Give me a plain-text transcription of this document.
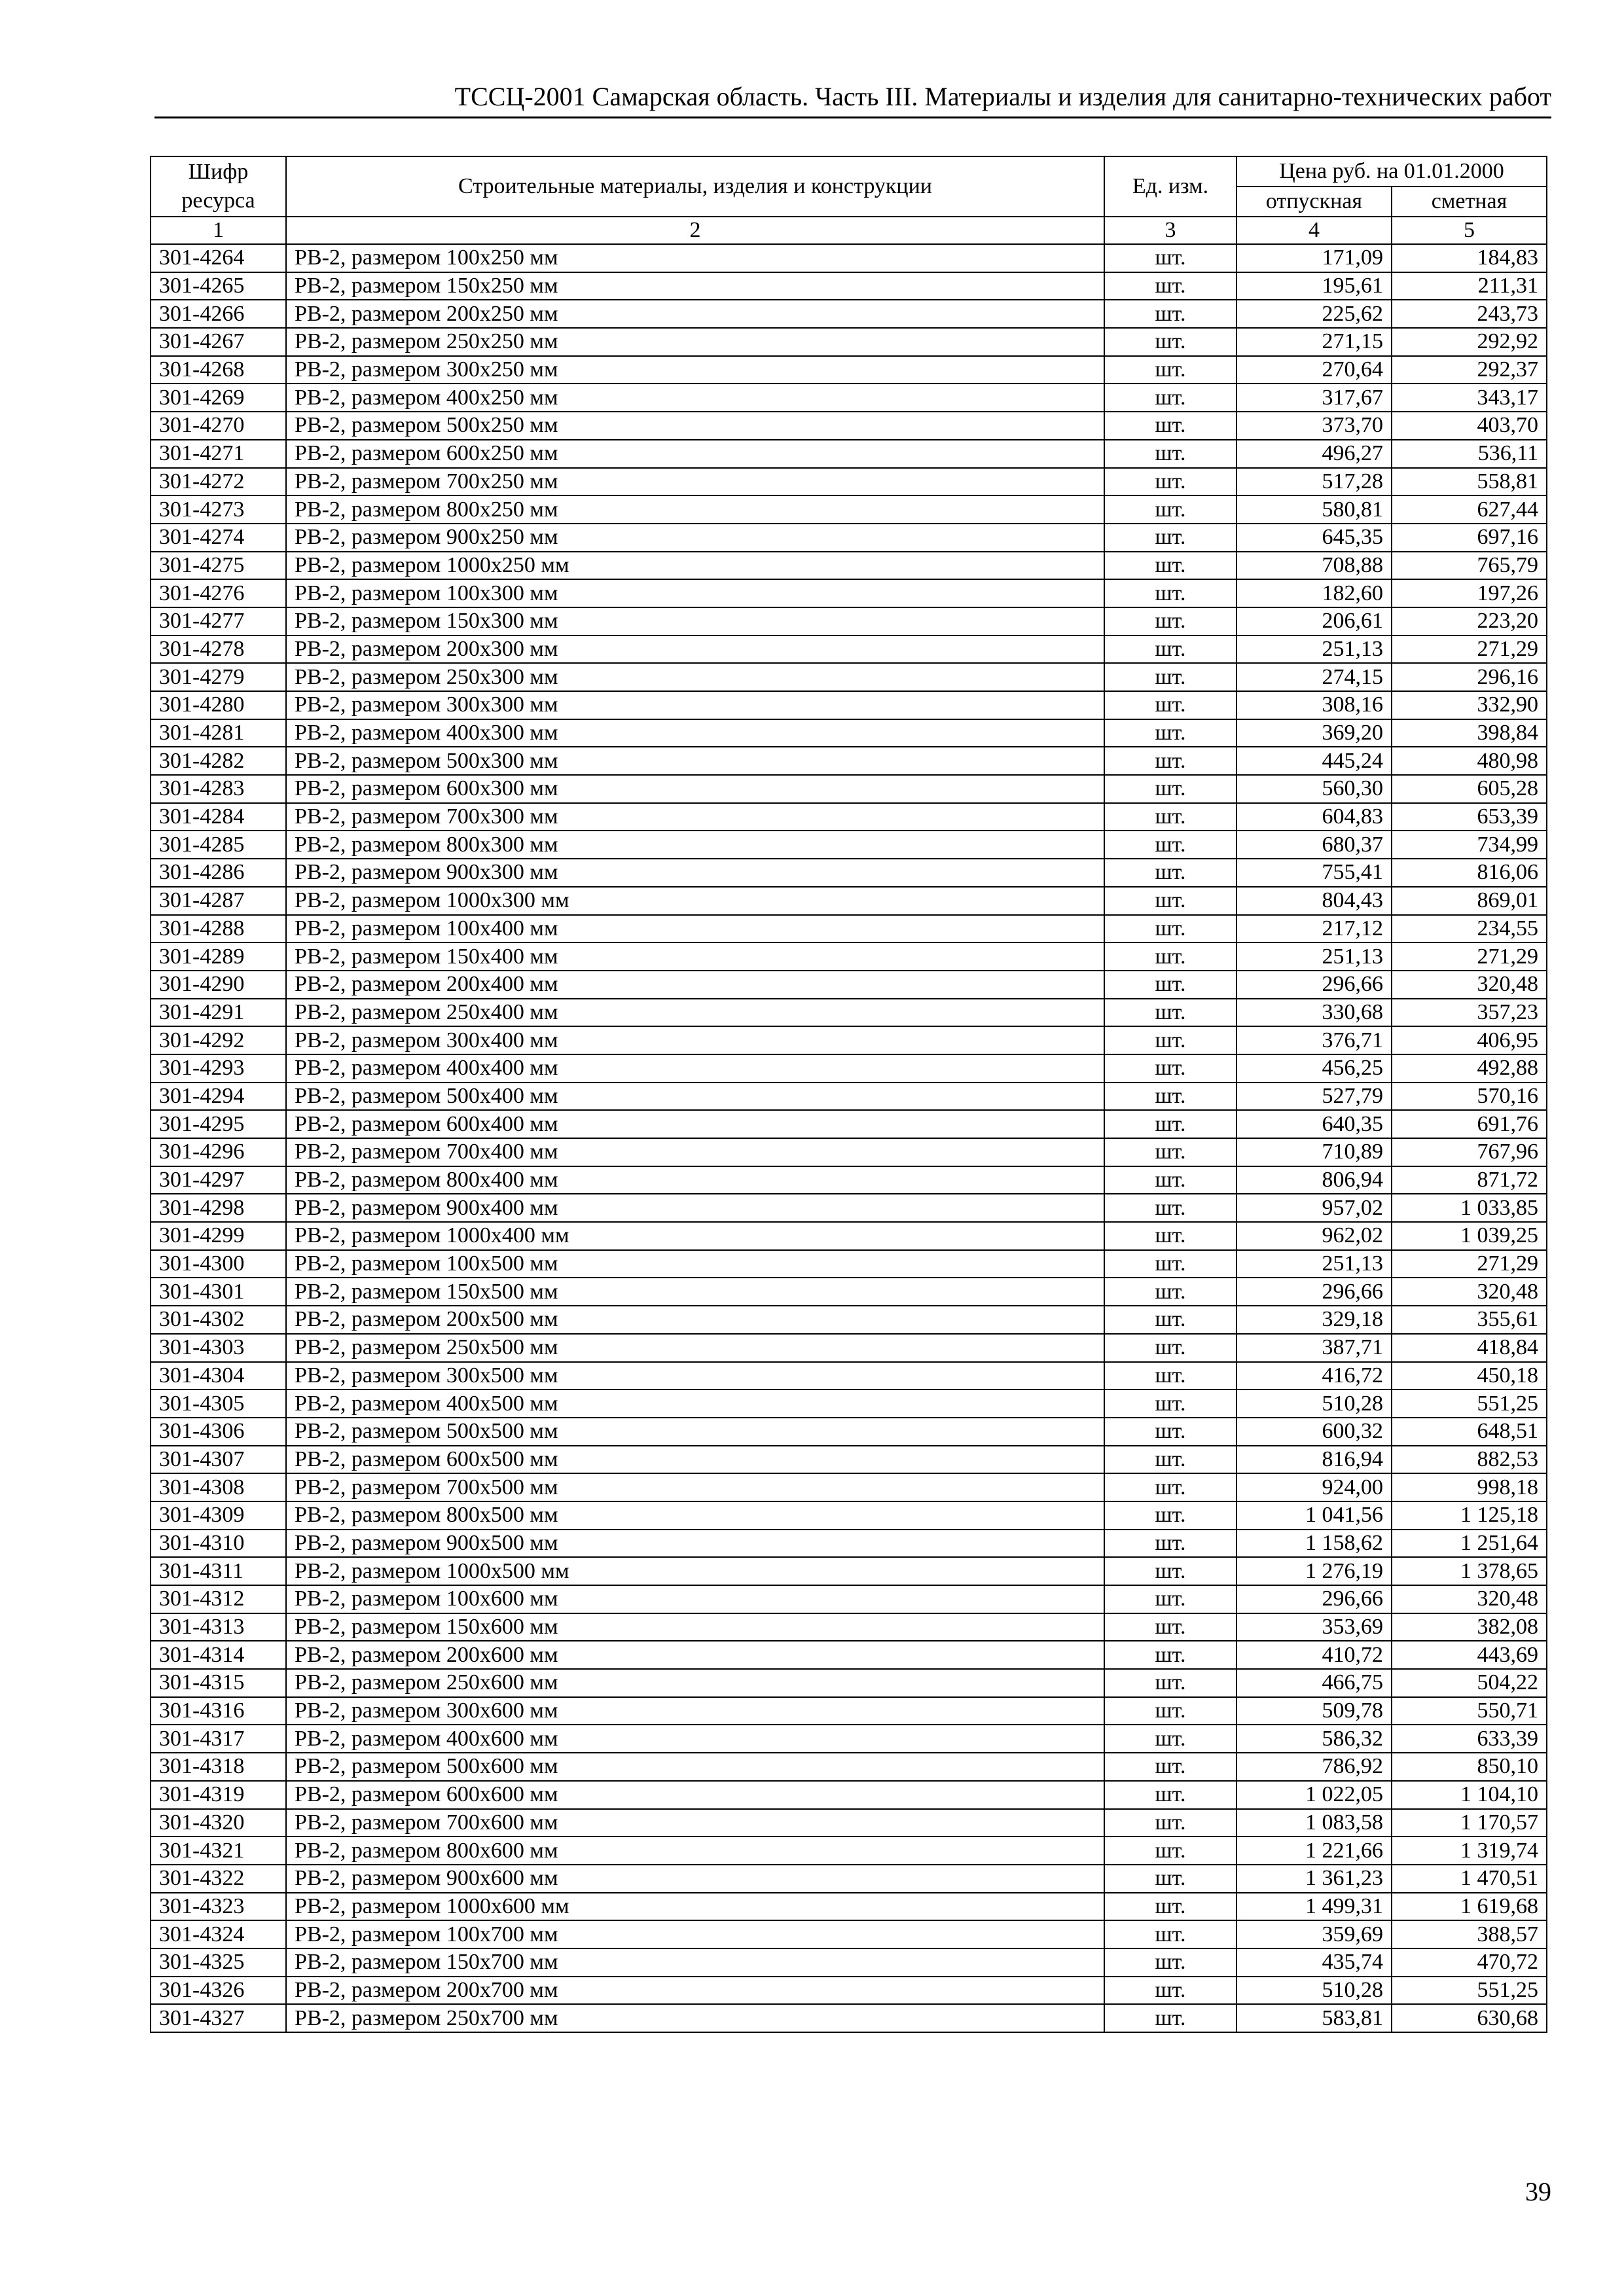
ТССЦ-2001 Самарская область. Часть III. Материалы и изделия для санитарно-технических работ
Шифр ресурса	Строительные материалы, изделия и конструкции	Ед. изм.	Цена руб. на 01.01.2000	
			отпускная	сметная
1	2	3	4	5
301-4264	РВ-2, размером 100х250 мм	шт.	171,09	184,83
301-4265	РВ-2, размером 150х250 мм	шт.	195,61	211,31
301-4266	РВ-2, размером 200х250 мм	шт.	225,62	243,73
301-4267	РВ-2, размером 250х250 мм	шт.	271,15	292,92
301-4268	РВ-2, размером 300х250 мм	шт.	270,64	292,37
301-4269	РВ-2, размером 400х250 мм	шт.	317,67	343,17
301-4270	РВ-2, размером 500х250 мм	шт.	373,70	403,70
301-4271	РВ-2, размером 600х250 мм	шт.	496,27	536,11
301-4272	РВ-2, размером 700х250 мм	шт.	517,28	558,81
301-4273	РВ-2, размером 800х250 мм	шт.	580,81	627,44
301-4274	РВ-2, размером 900х250 мм	шт.	645,35	697,16
301-4275	РВ-2, размером 1000х250 мм	шт.	708,88	765,79
301-4276	РВ-2, размером 100х300 мм	шт.	182,60	197,26
301-4277	РВ-2, размером 150х300 мм	шт.	206,61	223,20
301-4278	РВ-2, размером 200х300 мм	шт.	251,13	271,29
301-4279	РВ-2, размером 250х300 мм	шт.	274,15	296,16
301-4280	РВ-2, размером 300х300 мм	шт.	308,16	332,90
301-4281	РВ-2, размером 400х300 мм	шт.	369,20	398,84
301-4282	РВ-2, размером 500х300 мм	шт.	445,24	480,98
301-4283	РВ-2, размером 600х300 мм	шт.	560,30	605,28
301-4284	РВ-2, размером 700х300 мм	шт.	604,83	653,39
301-4285	РВ-2, размером 800х300 мм	шт.	680,37	734,99
301-4286	РВ-2, размером 900х300 мм	шт.	755,41	816,06
301-4287	РВ-2, размером 1000х300 мм	шт.	804,43	869,01
301-4288	РВ-2, размером 100х400 мм	шт.	217,12	234,55
301-4289	РВ-2, размером 150х400 мм	шт.	251,13	271,29
301-4290	РВ-2, размером 200х400 мм	шт.	296,66	320,48
301-4291	РВ-2, размером 250х400 мм	шт.	330,68	357,23
301-4292	РВ-2, размером 300х400 мм	шт.	376,71	406,95
301-4293	РВ-2, размером 400х400 мм	шт.	456,25	492,88
301-4294	РВ-2, размером 500х400 мм	шт.	527,79	570,16
301-4295	РВ-2, размером 600х400 мм	шт.	640,35	691,76
301-4296	РВ-2, размером 700х400 мм	шт.	710,89	767,96
301-4297	РВ-2, размером 800х400 мм	шт.	806,94	871,72
301-4298	РВ-2, размером 900х400 мм	шт.	957,02	1 033,85
301-4299	РВ-2, размером 1000х400 мм	шт.	962,02	1 039,25
301-4300	РВ-2, размером 100х500 мм	шт.	251,13	271,29
301-4301	РВ-2, размером 150х500 мм	шт.	296,66	320,48
301-4302	РВ-2, размером 200х500 мм	шт.	329,18	355,61
301-4303	РВ-2, размером 250х500 мм	шт.	387,71	418,84
301-4304	РВ-2, размером 300х500 мм	шт.	416,72	450,18
301-4305	РВ-2, размером 400х500 мм	шт.	510,28	551,25
301-4306	РВ-2, размером 500х500 мм	шт.	600,32	648,51
301-4307	РВ-2, размером 600х500 мм	шт.	816,94	882,53
301-4308	РВ-2, размером 700х500 мм	шт.	924,00	998,18
301-4309	РВ-2, размером 800х500 мм	шт.	1 041,56	1 125,18
301-4310	РВ-2, размером 900х500 мм	шт.	1 158,62	1 251,64
301-4311	РВ-2, размером 1000х500 мм	шт.	1 276,19	1 378,65
301-4312	РВ-2, размером 100х600 мм	шт.	296,66	320,48
301-4313	РВ-2, размером 150х600 мм	шт.	353,69	382,08
301-4314	РВ-2, размером 200х600 мм	шт.	410,72	443,69
301-4315	РВ-2, размером 250х600 мм	шт.	466,75	504,22
301-4316	РВ-2, размером 300х600 мм	шт.	509,78	550,71
301-4317	РВ-2, размером 400х600 мм	шт.	586,32	633,39
301-4318	РВ-2, размером 500х600 мм	шт.	786,92	850,10
301-4319	РВ-2, размером 600х600 мм	шт.	1 022,05	1 104,10
301-4320	РВ-2, размером 700х600 мм	шт.	1 083,58	1 170,57
301-4321	РВ-2, размером 800х600 мм	шт.	1 221,66	1 319,74
301-4322	РВ-2, размером 900х600 мм	шт.	1 361,23	1 470,51
301-4323	РВ-2, размером 1000х600 мм	шт.	1 499,31	1 619,68
301-4324	РВ-2, размером 100х700 мм	шт.	359,69	388,57
301-4325	РВ-2, размером 150х700 мм	шт.	435,74	470,72
301-4326	РВ-2, размером 200х700 мм	шт.	510,28	551,25
301-4327	РВ-2, размером 250х700 мм	шт.	583,81	630,68
39
